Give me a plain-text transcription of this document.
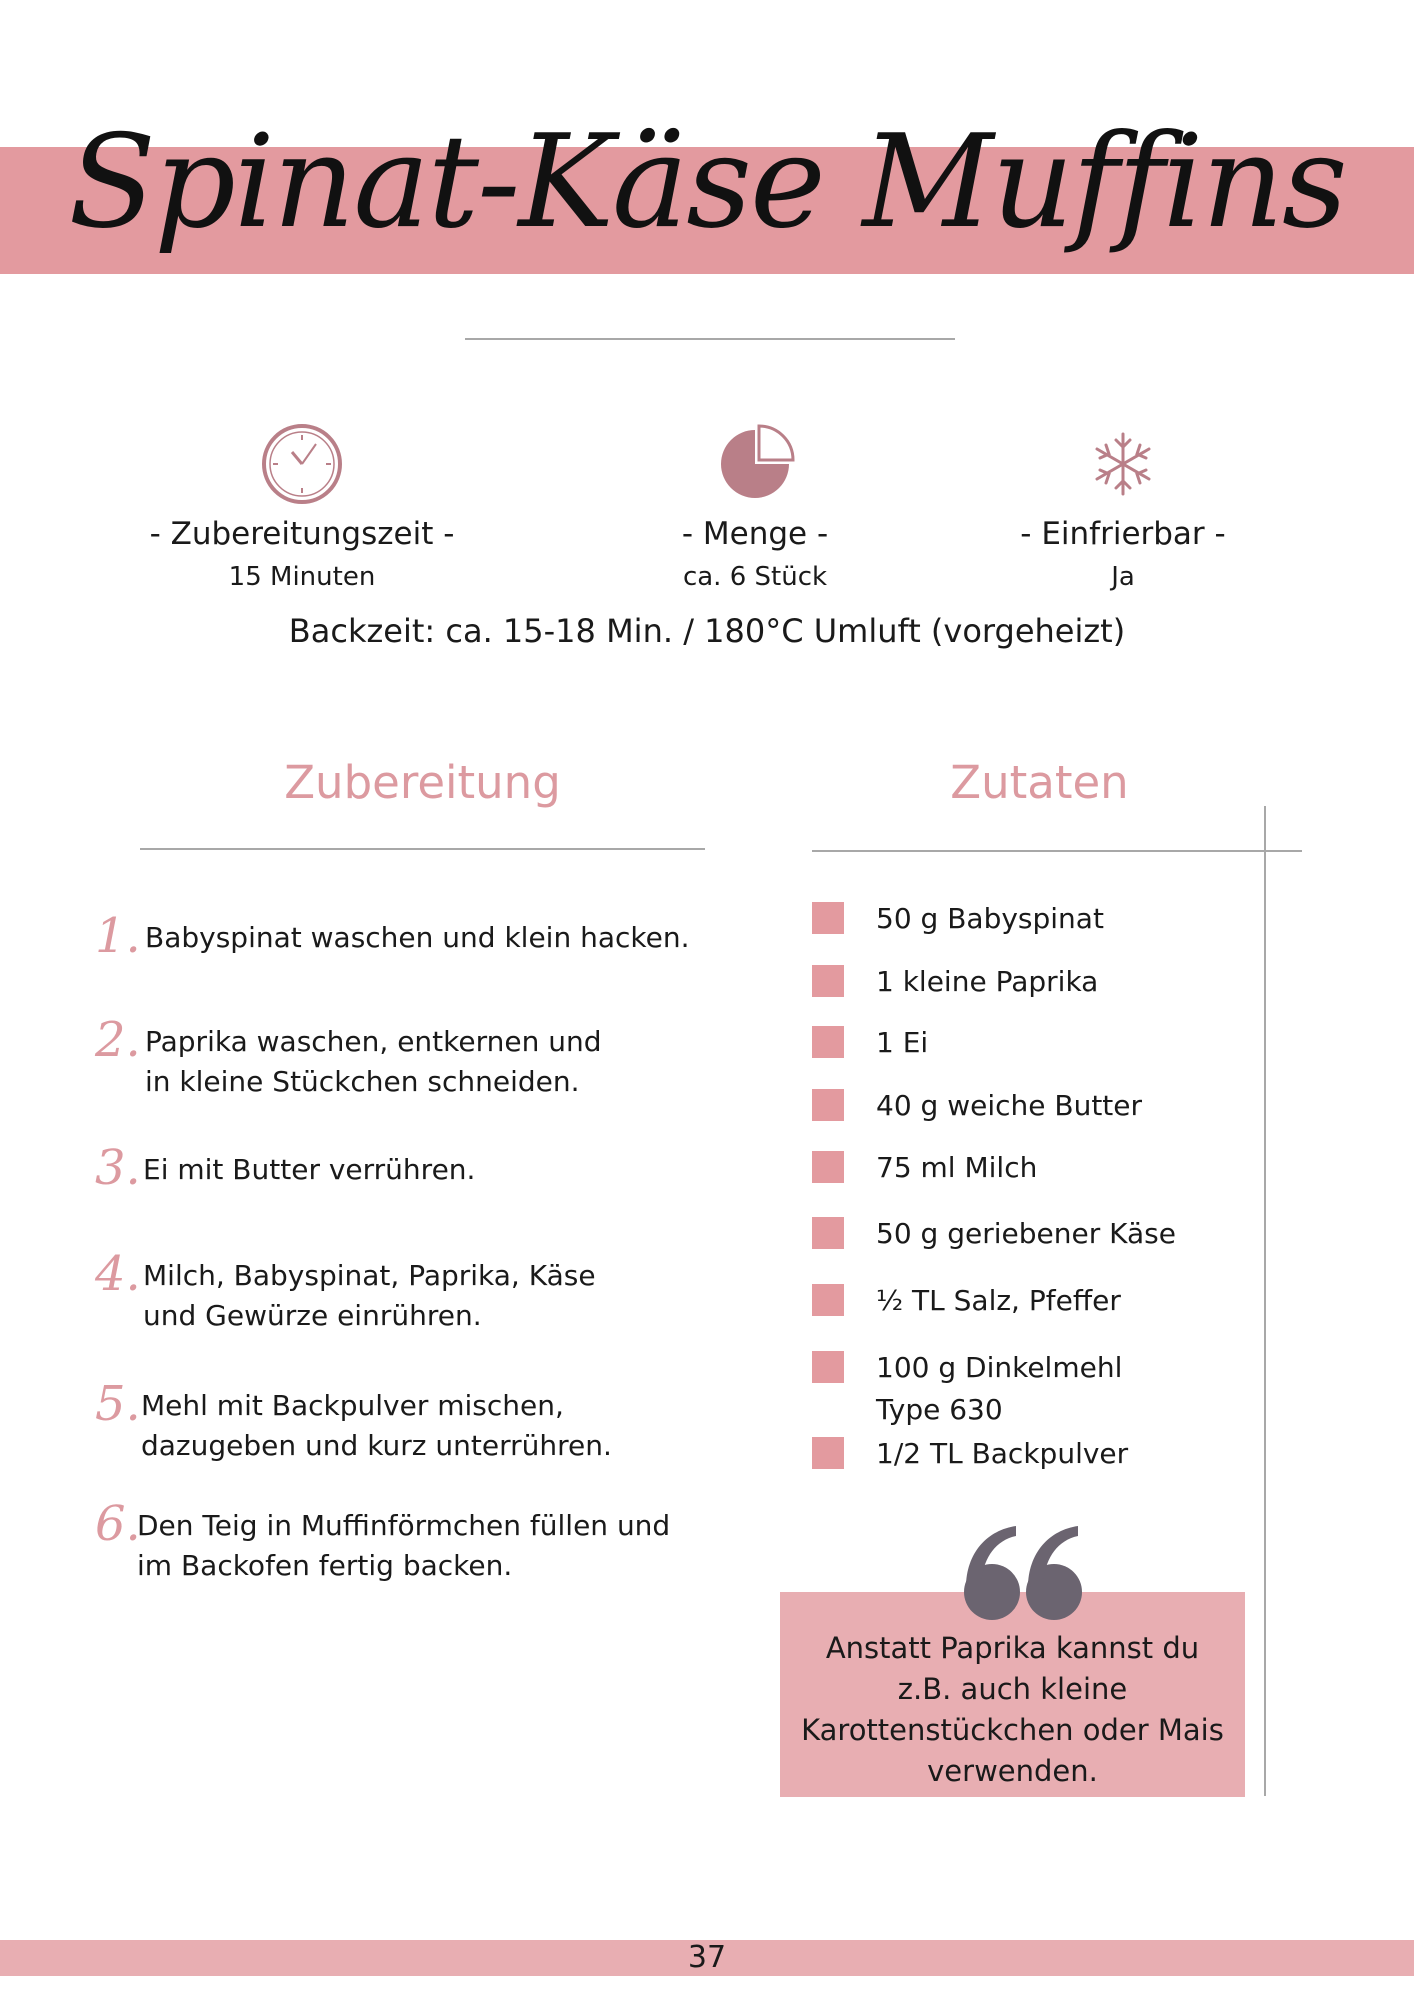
Spinat-Käse Muffins
- Zubereitungszeit -
15 Minuten
- Menge -
ca. 6 Stück
- Einfrierbar -
Ja
Backzeit: ca. 15-18 Min. / 180°C Umluft (vorgeheizt)
Zubereitung
1. Babyspinat waschen und klein hacken.
2. Paprika waschen, entkernen und
in kleine Stückchen schneiden.
3. Ei mit Butter verrühren.
4. Milch, Babyspinat, Paprika, Käse
und Gewürze einrühren.
5. Mehl mit Backpulver mischen,
dazugeben und kurz unterrühren.
6.
Den Teig in Muffinförmchen füllen und
im Backofen fertig backen.
Zutaten
50 g Babyspinat
1 kleine Paprika
1 Ei
40 g weiche Butter
75 ml Milch
50 g geriebener Käse
½ TL Salz, Pfeffer
100 g Dinkelmehl
Type 630
1/2 TL Backpulver
Anstatt Paprika kannst du
z.B. auch kleine
Karottenstückchen oder Mais
verwenden.
37
